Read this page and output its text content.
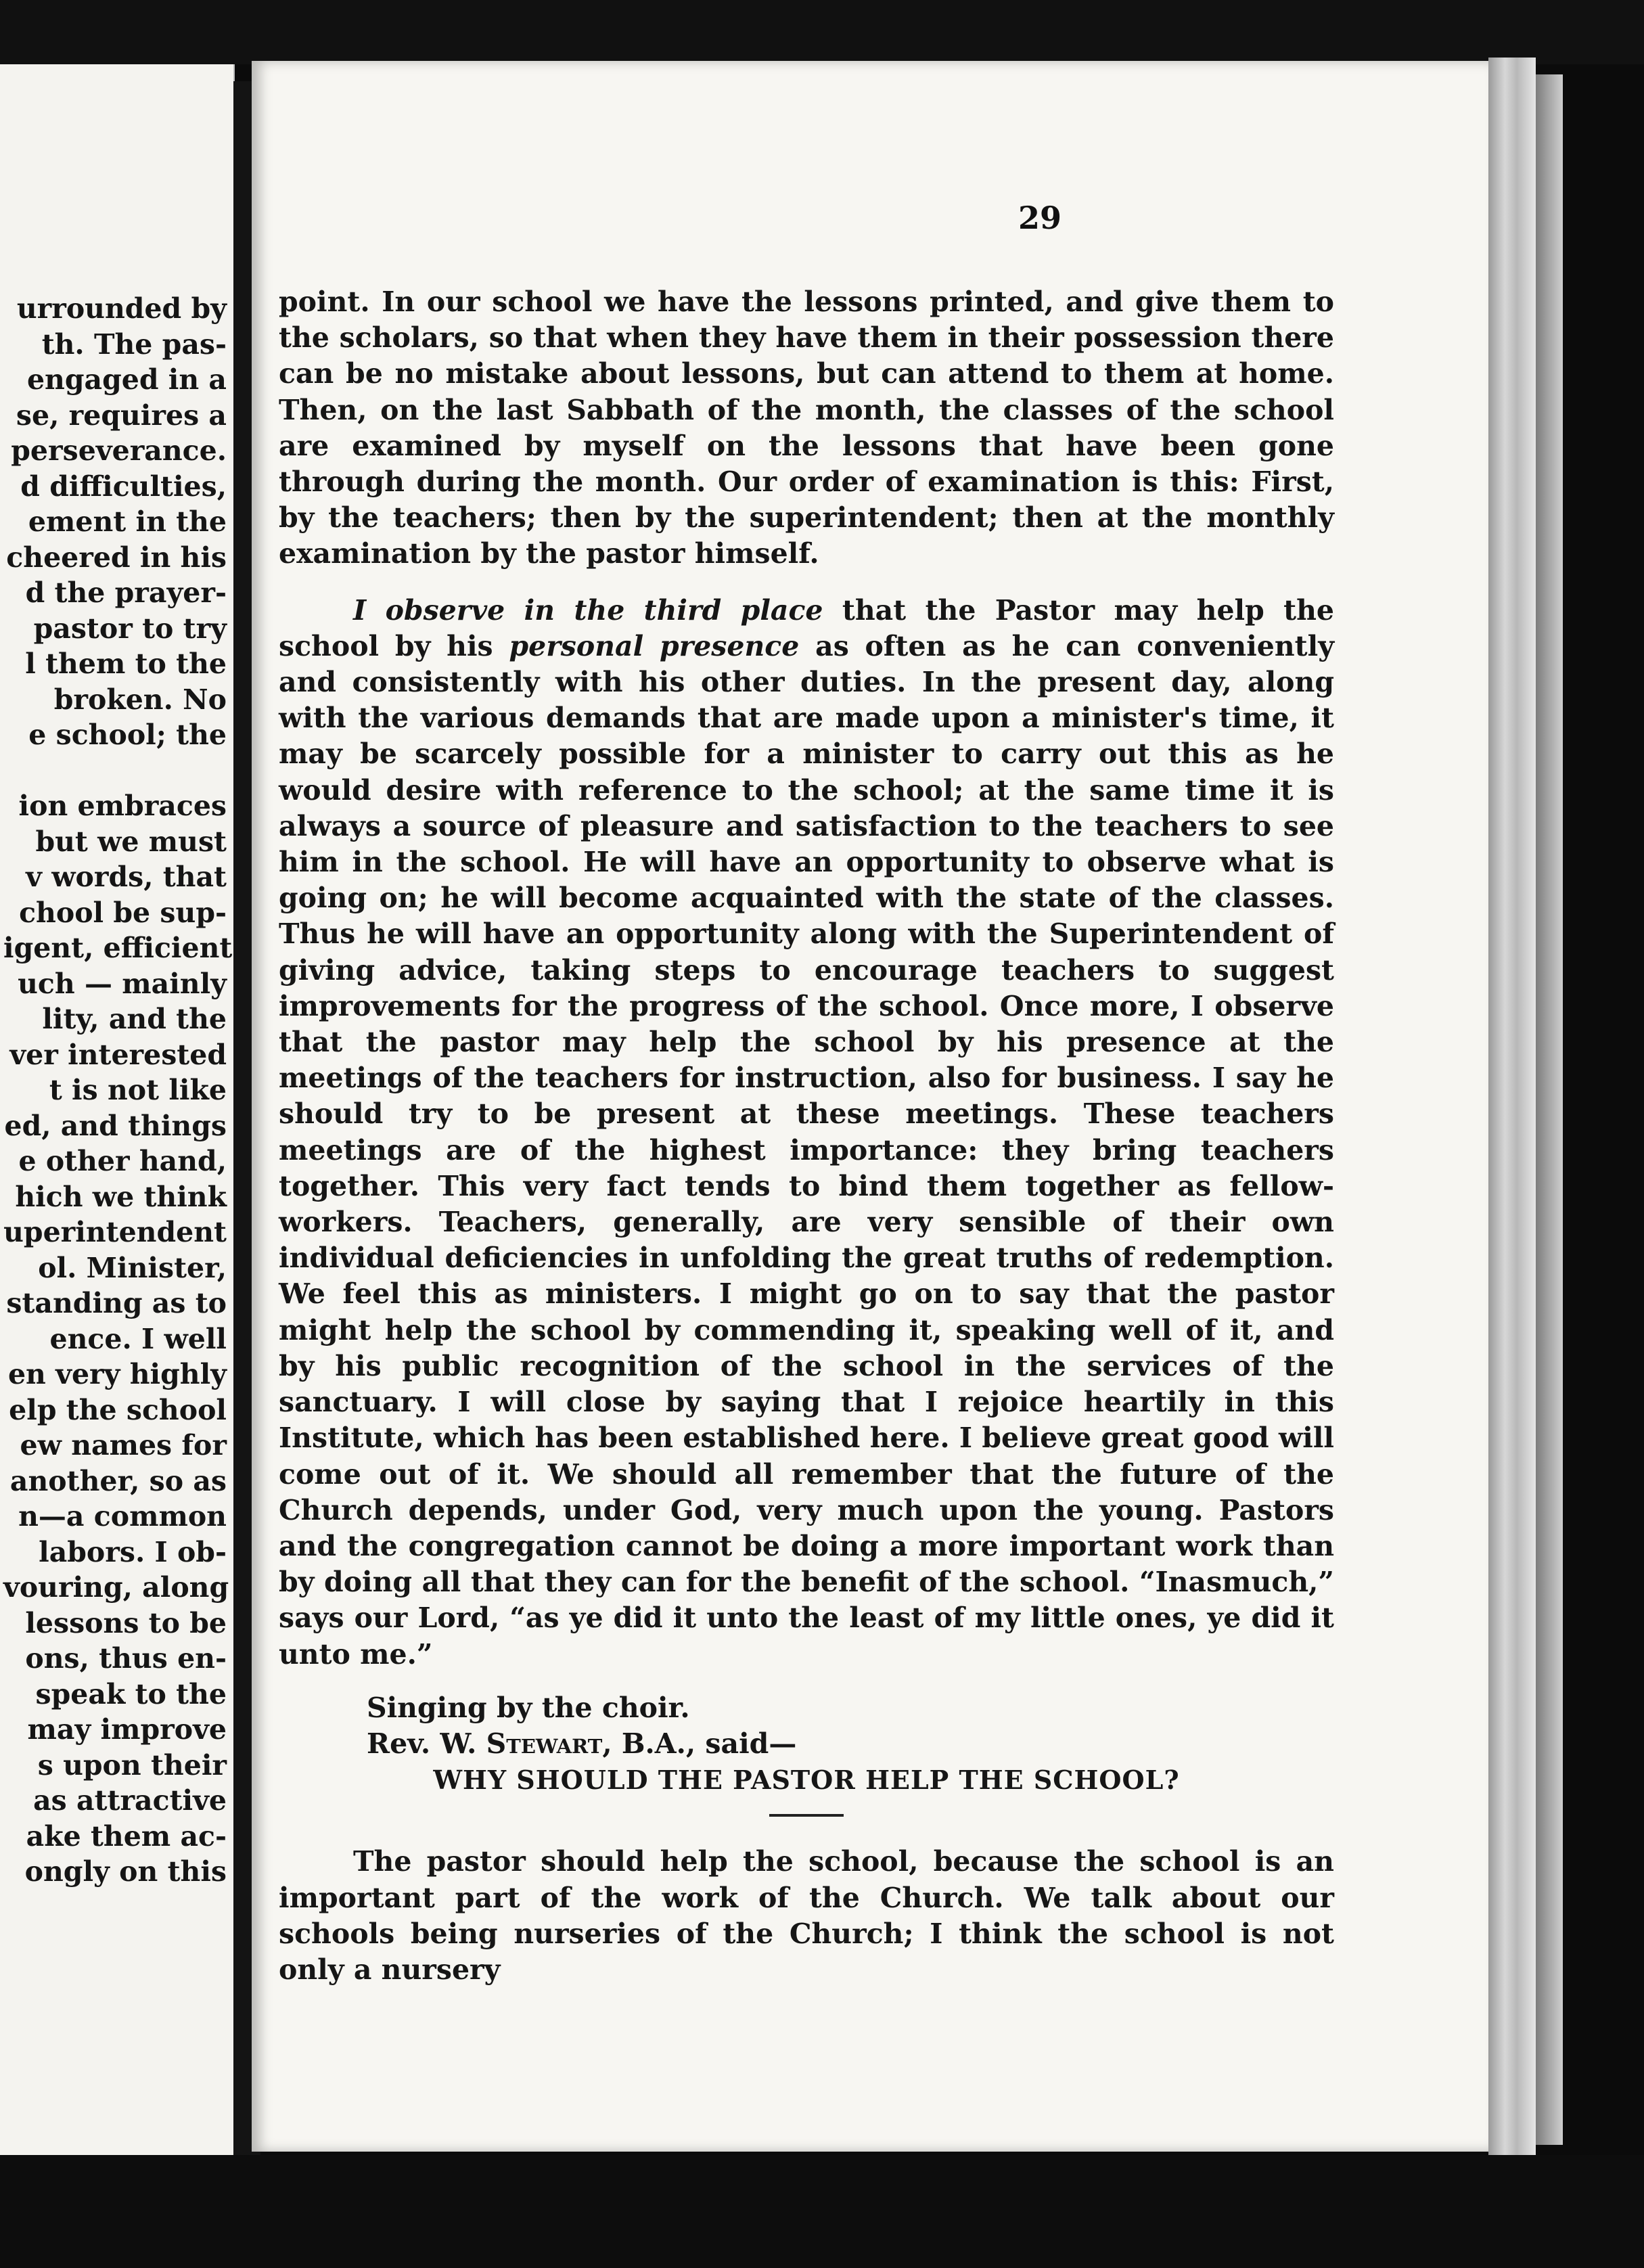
urrounded by
th. The pas-
engaged in a
se, requires a
perseverance.
d difficulties,
ement in the
cheered in his
d the prayer-
pastor to try
l them to the
broken. No
e school; the
ion embraces
but we must
v words, that
chool be sup-
igent, efficient
uch — mainly
lity, and the
ver interested
t is not like
ed, and things
e other hand,
hich we think
uperintendent
ol. Minister,
standing as to
ence. I well
en very highly
elp the school
ew names for
another, so as
n—a common
labors. I ob-
vouring, along
lessons to be
ons, thus en-
speak to the
may improve
s upon their
as attractive
ake them ac-
ongly on this
29

point. In our school we have the lessons printed, and give them to the scholars, so that when they have them in their possession there can be no mistake about lessons, but can attend to them at home. Then, on the last Sabbath of the month, the classes of the school are examined by myself on the lessons that have been gone through during the month. Our order of examination is this: First, by the teachers; then by the superintendent; then at the monthly examination by the pastor himself.

I observe in the third place that the Pastor may help the school by his personal presence as often as he can conveniently and consistently with his other duties. In the present day, along with the various demands that are made upon a minister's time, it may be scarcely possible for a minister to carry out this as he would desire with reference to the school; at the same time it is always a source of pleasure and satisfaction to the teachers to see him in the school. He will have an opportunity to observe what is going on; he will become acquainted with the state of the classes. Thus he will have an opportunity along with the Superintendent of giving advice, taking steps to encourage teachers to suggest improvements for the progress of the school. Once more, I observe that the pastor may help the school by his presence at the meetings of the teachers for instruction, also for business. I say he should try to be present at these meetings. These teachers meetings are of the highest importance: they bring teachers together. This very fact tends to bind them together as fellow-workers. Teachers, generally, are very sensible of their own individual deficiencies in unfolding the great truths of redemption. We feel this as ministers. I might go on to say that the pastor might help the school by commending it, speaking well of it, and by his public recognition of the school in the services of the sanctuary. I will close by saying that I rejoice heartily in this Institute, which has been established here. I believe great good will come out of it. We should all remember that the future of the Church depends, under God, very much upon the young. Pastors and the congregation cannot be doing a more important work than by doing all that they can for the benefit of the school. “Inasmuch,” says our Lord, “as ye did it unto the least of my little ones, ye did it unto me.”

Singing by the choir.

Rev. W. Stewart, B.A., said—

WHY SHOULD THE PASTOR HELP THE SCHOOL?

The pastor should help the school, because the school is an important part of the work of the Church. We talk about our schools being nurseries of the Church; I think the school is not only a nursery
